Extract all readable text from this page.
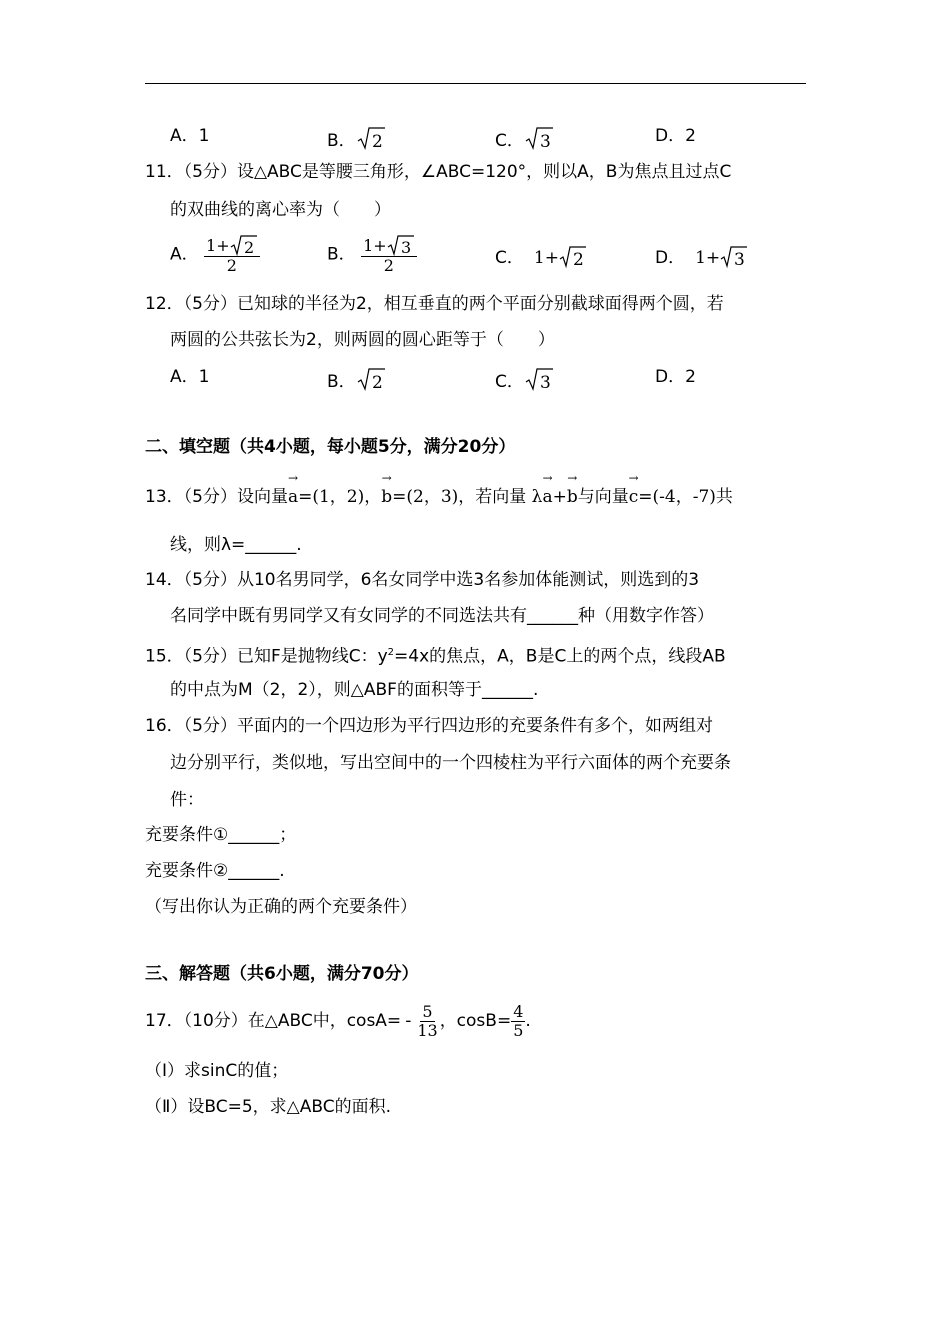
A．1	B． 2	C． 3	D．2
11．（5分）设△ABC是等腰三角形，∠ABC=120°，则以A，B为焦点且过点C
的双曲线的离心率为（　　）
A． $\frac{1+ 2}{2}$	B． $\frac{1+ 3}{2}$	C． 1+ 2	D． 1+ 3
12．（5分）已知球的半径为2，相互垂直的两个平面分别截球面得两个圆，若
两圆的公共弦长为2，则两圆的圆心距等于（　　）
A．1	B． 2	C． 3	D．2
二、填空题（共4小题，每小题5分，满分20分）
13．（5分）设向量→ a=(1，2)，→ b=(2，3)，若向量 λ→ a+→ b与向量→ c=(-4，-7)共
线，则λ=______.
14．（5分）从10名男同学，6名女同学中选3名参加体能测试，则选到的3
名同学中既有男同学又有女同学的不同选法共有______种（用数字作答）
15．（5分）已知F是抛物线C：$y^2=4x$的焦点，A，B是C上的两个点，线段AB
的中点为M（2，2），则△ABF的面积等于______.
16．（5分）平面内的一个四边形为平行四边形的充要条件有多个，如两组对
边分别平行，类似地，写出空间中的一个四棱柱为平行六面体的两个充要条
件：
充要条件①______；
充要条件②______.
（写出你认为正确的两个充要条件）
三、解答题（共6小题，满分70分）
17．（10分）在△ABC中，$\cos A= - \frac{5}{13}$ ，$\cos B= \frac{4}{5}$ .
（Ⅰ）求sinC的值；
（Ⅱ）设BC=5，求△ABC的面积.
